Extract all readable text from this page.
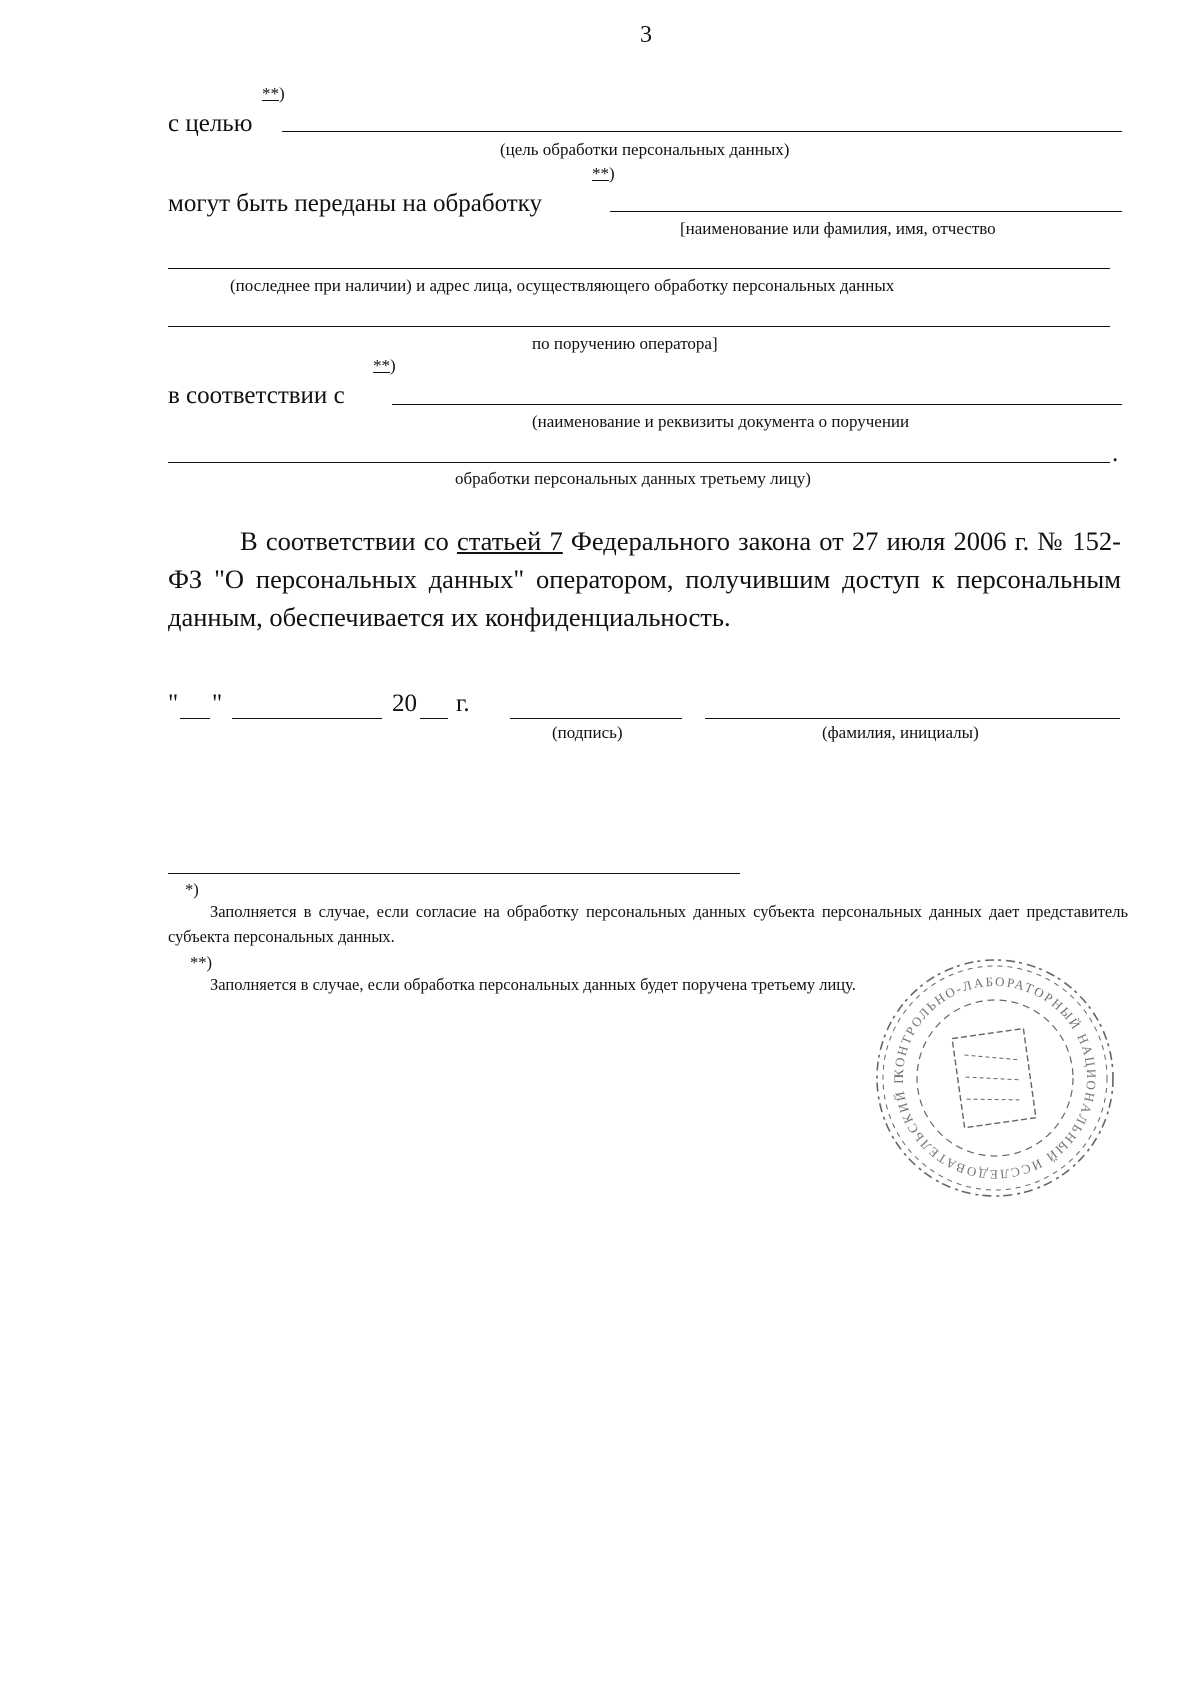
3
**)
с целью
(цель обработки персональных данных)
**)
могут быть переданы на обработку
[наименование или фамилия, имя, отчество
(последнее при наличии) и адрес лица, осуществляющего обработку персональных данных
по поручению оператора]
**)
в соответствии с
(наименование и реквизиты документа о поручении
.
обработки персональных данных третьему лицу)
В соответствии со статьей 7 Федерального закона от 27 июля 2006 г. № 152-ФЗ "О персональных данных" оператором, получившим доступ к персональным данным, обеспечивается их конфиденциальность.
" "	20 г.
(подпись)	(фамилия, инициалы)
*)
Заполняется в случае, если согласие на обработку персональных данных субъекта персональных данных дает представитель субъекта персональных данных.
**)
Заполняется в случае, если обработка персональных данных будет поручена третьему лицу.
КОНТРОЛЬНО-ЛАБОРАТОРНЫЙ НАЦИОНАЛЬНЫЙ ИССЛЕДОВАТЕЛЬСКИЙ П
